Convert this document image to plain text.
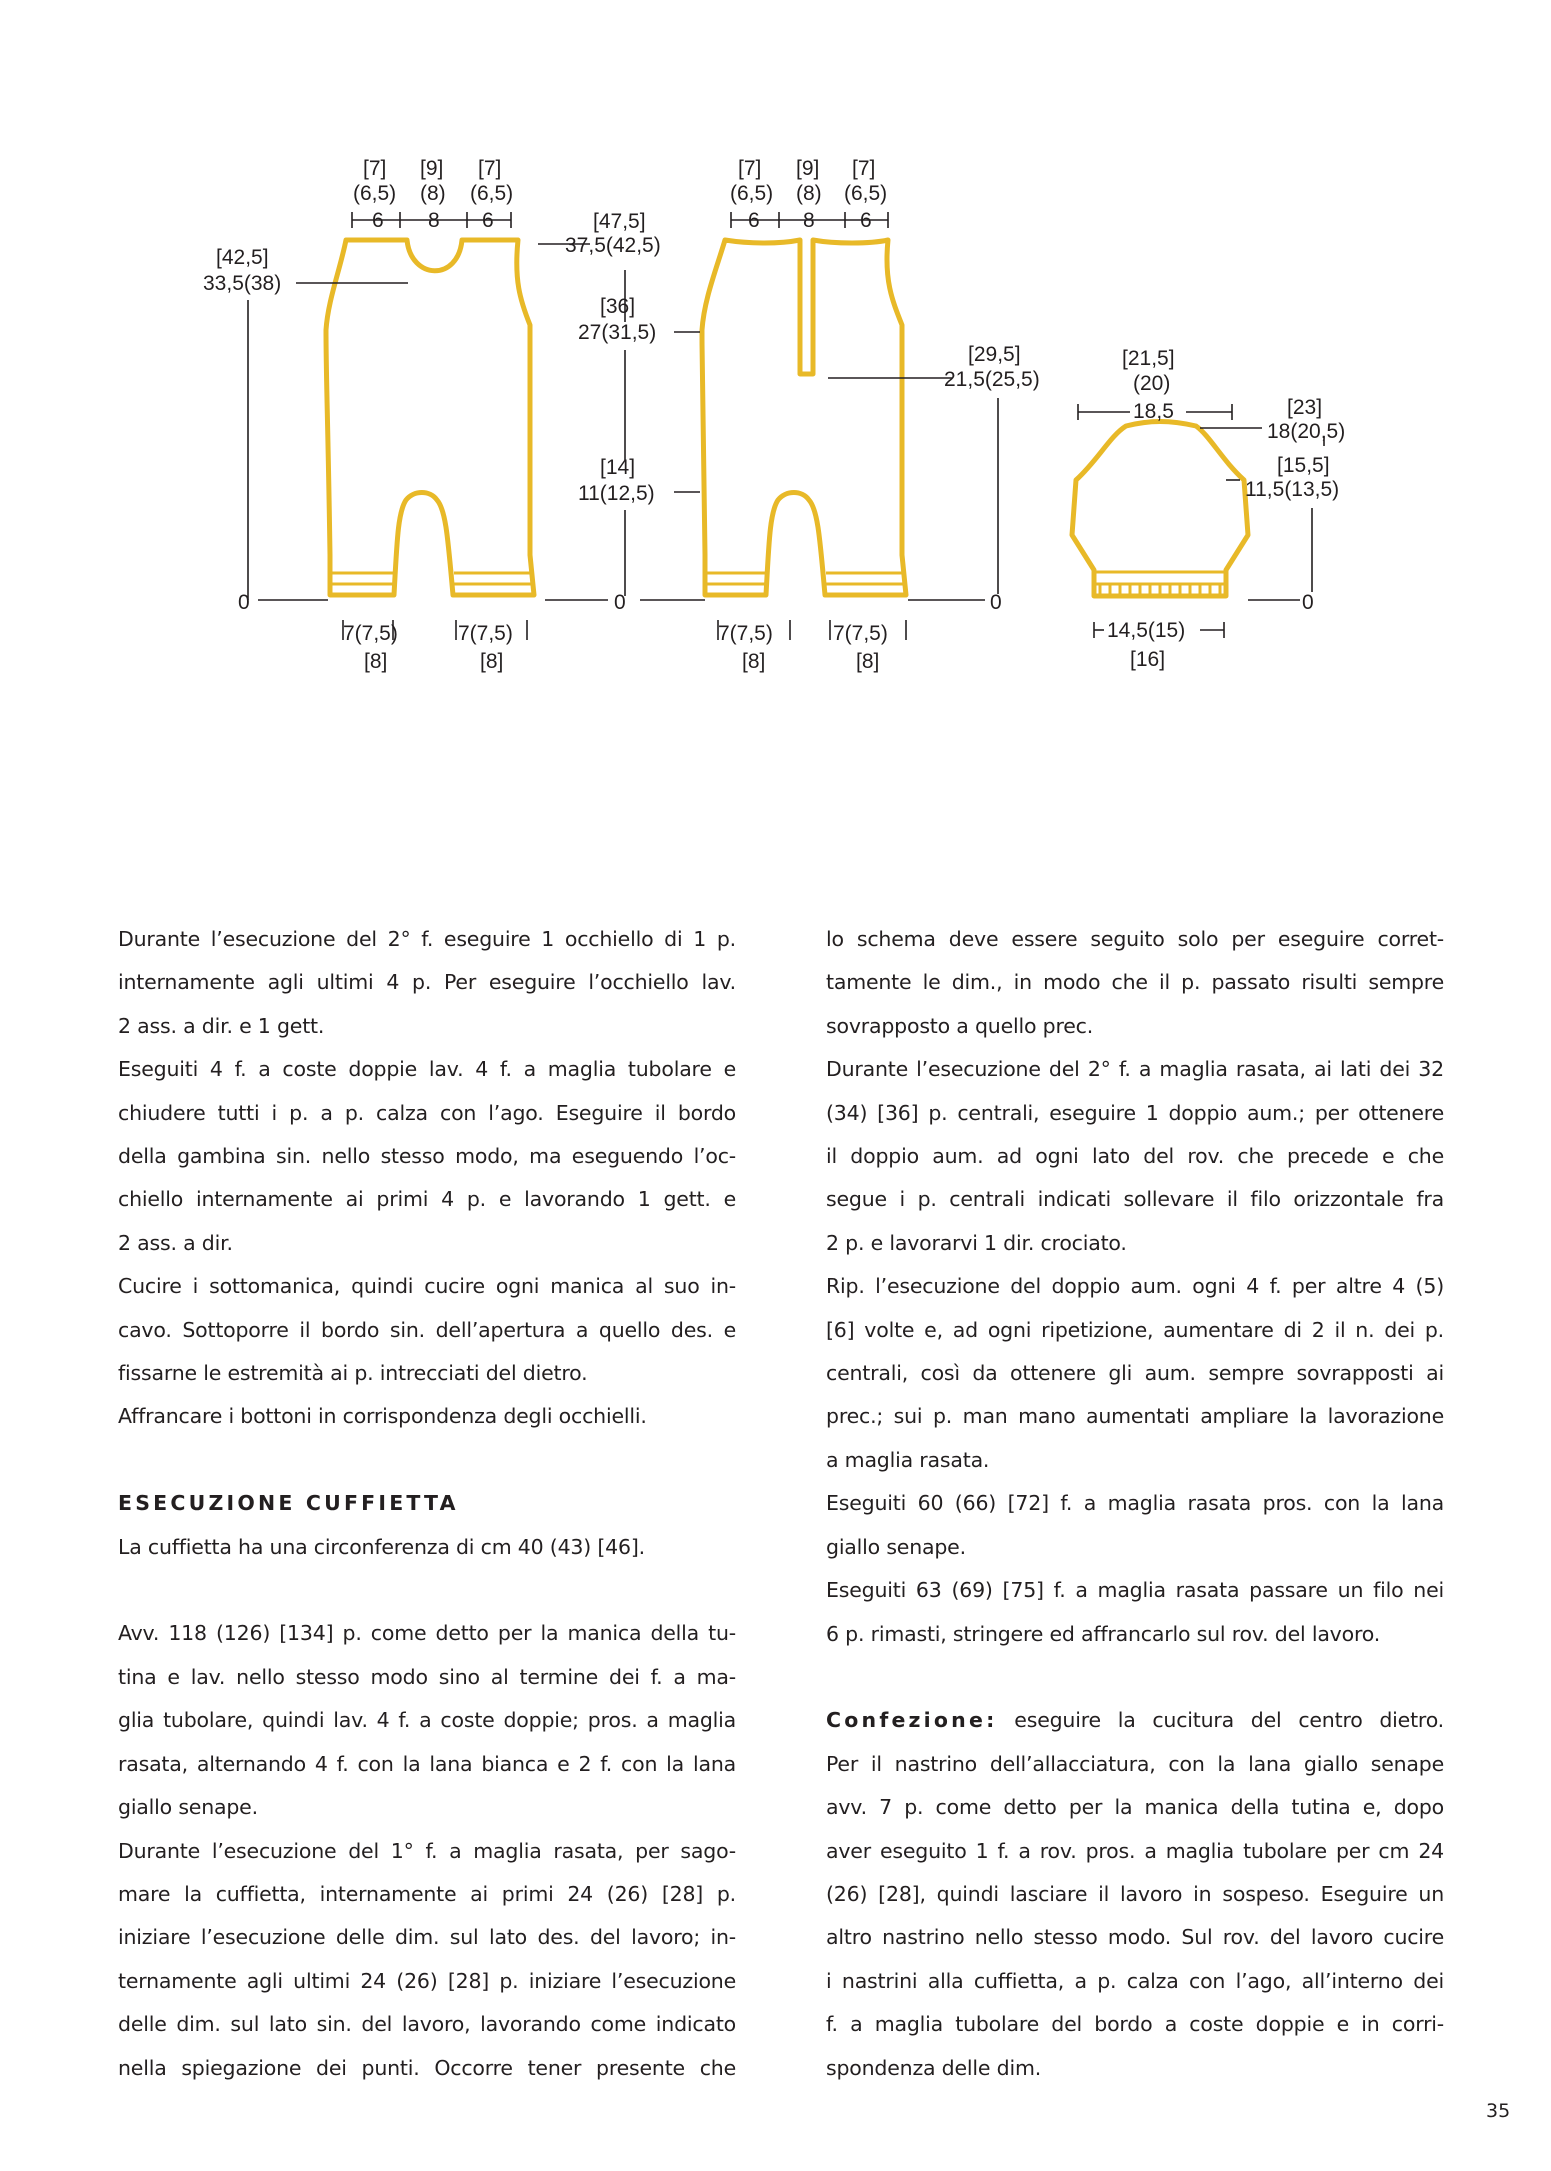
[7] [9] [7]
(6,5) (8) (6,5)
6 8 6
[42,5]
33,5(38)
0
7(7,5)
[8]
7(7,5)
[8]
[47,5]
37,5(42,5)
[36]
27(31,5)
[14]
11(12,5)
0
[7] [9] [7]
(6,5) (8) (6,5)
6 8 6
[29,5]
21,5(25,5)
0
7(7,5)
[8]
7(7,5)
[8]
[21,5]
(20)
18,5	[23]
18(20,5)
[15,5]
11,5(13,5)
0
14,5(15)
[16]
Durante l’esecuzione del 2° f. eseguire 1 occhiello di 1 p.
internamente agli ultimi 4 p. Per eseguire l’occhiello lav.
2 ass. a dir. e 1 gett.
Eseguiti 4 f. a coste doppie lav. 4 f. a maglia tubolare e
chiudere tutti i p. a p. calza con l’ago. Eseguire il bordo
della gambina sin. nello stesso modo, ma eseguendo l’oc-
chiello internamente ai primi 4 p. e lavorando 1 gett. e
2 ass. a dir.
Cucire i sottomanica, quindi cucire ogni manica al suo in-
cavo. Sottoporre il bordo sin. dell’apertura a quello des. e
fissarne le estremità ai p. intrecciati del dietro.
Affrancare i bottoni in corrispondenza degli occhielli.
ESECUZIONE CUFFIETTA
La cuffietta ha una circonferenza di cm 40 (43) [46].
Avv. 118 (126) [134] p. come detto per la manica della tu-
tina e lav. nello stesso modo sino al termine dei f. a ma-
glia tubolare, quindi lav. 4 f. a coste doppie; pros. a maglia
rasata, alternando 4 f. con la lana bianca e 2 f. con la lana
giallo senape.
Durante l’esecuzione del 1° f. a maglia rasata, per sago-
mare la cuffietta, internamente ai primi 24 (26) [28] p.
iniziare l’esecuzione delle dim. sul lato des. del lavoro; in-
ternamente agli ultimi 24 (26) [28] p. iniziare l’esecuzione
delle dim. sul lato sin. del lavoro, lavorando come indicato
nella spiegazione dei punti. Occorre tener presente che
lo schema deve essere seguito solo per eseguire corret-
tamente le dim., in modo che il p. passato risulti sempre
sovrapposto a quello prec.
Durante l’esecuzione del 2° f. a maglia rasata, ai lati dei 32
(34) [36] p. centrali, eseguire 1 doppio aum.; per ottenere
il doppio aum. ad ogni lato del rov. che precede e che
segue i p. centrali indicati sollevare il filo orizzontale fra
2 p. e lavorarvi 1 dir. crociato.
Rip. l’esecuzione del doppio aum. ogni 4 f. per altre 4 (5)
[6] volte e, ad ogni ripetizione, aumentare di 2 il n. dei p.
centrali, così da ottenere gli aum. sempre sovrapposti ai
prec.; sui p. man mano aumentati ampliare la lavorazione
a maglia rasata.
Eseguiti 60 (66) [72] f. a maglia rasata pros. con la lana
giallo senape.
Eseguiti 63 (69) [75] f. a maglia rasata passare un filo nei
6 p. rimasti, stringere ed affrancarlo sul rov. del lavoro.
Confezione: eseguire la cucitura del centro dietro.
Per il nastrino dell’allacciatura, con la lana giallo senape
avv. 7 p. come detto per la manica della tutina e, dopo
aver eseguito 1 f. a rov. pros. a maglia tubolare per cm 24
(26) [28], quindi lasciare il lavoro in sospeso. Eseguire un
altro nastrino nello stesso modo. Sul rov. del lavoro cucire
i nastrini alla cuffietta, a p. calza con l’ago, all’interno dei
f. a maglia tubolare del bordo a coste doppie e in corri-
spondenza delle dim.
35
